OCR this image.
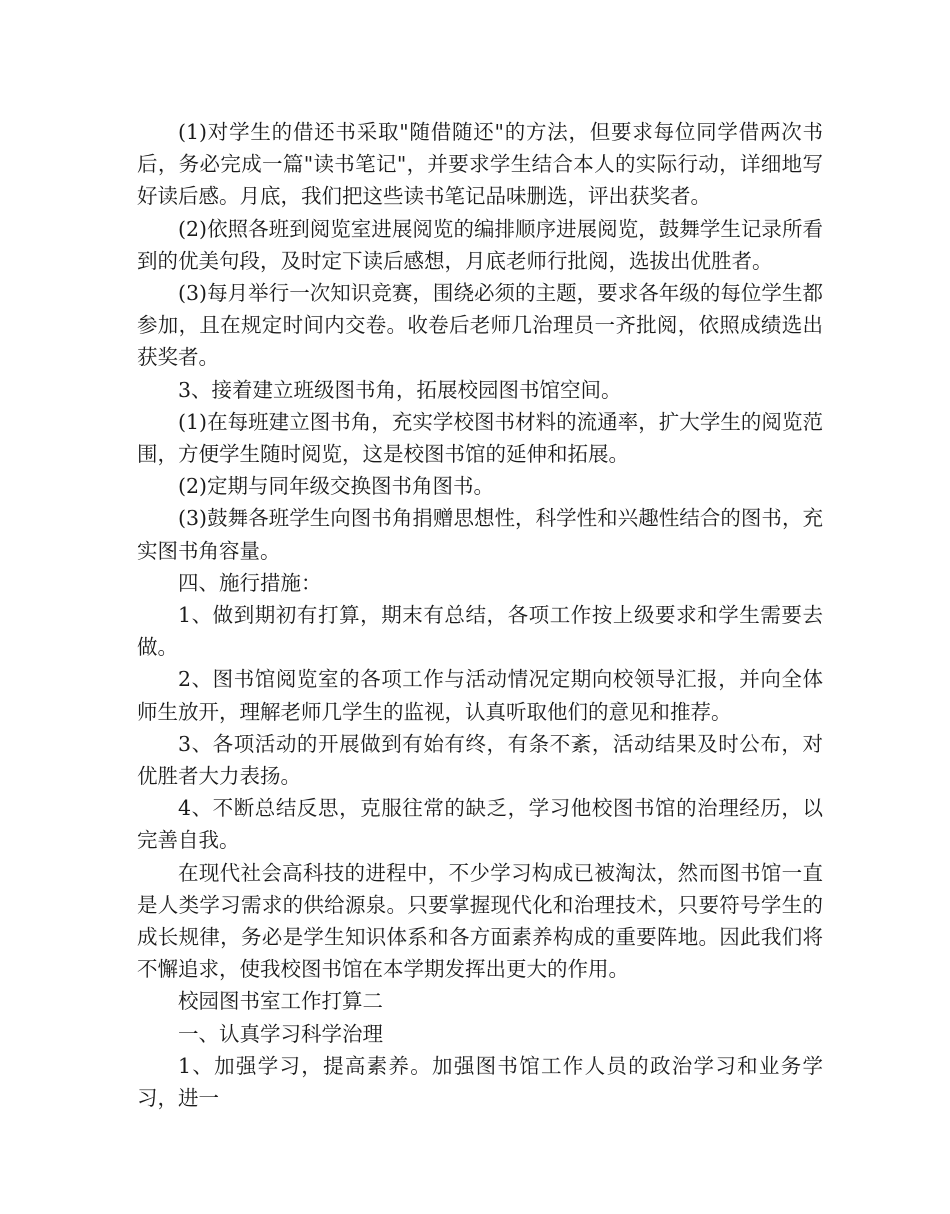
(1)对学生的借还书采取"随借随还"的方法，但要求每位同学借两次书后，务必完成一篇"读书笔记"，并要求学生结合本人的实际行动，详细地写好读后感。月底，我们把这些读书笔记品味删选，评出获奖者。

(2)依照各班到阅览室进展阅览的编排顺序进展阅览，鼓舞学生记录所看到的优美句段，及时定下读后感想，月底老师行批阅，选拔出优胜者。

(3)每月举行一次知识竞赛，围绕必须的主题，要求各年级的每位学生都参加，且在规定时间内交卷。收卷后老师几治理员一齐批阅，依照成绩选出获奖者。

3、接着建立班级图书角，拓展校园图书馆空间。

(1)在每班建立图书角，充实学校图书材料的流通率，扩大学生的阅览范围，方便学生随时阅览，这是校图书馆的延伸和拓展。

(2)定期与同年级交换图书角图书。

(3)鼓舞各班学生向图书角捐赠思想性，科学性和兴趣性结合的图书，充实图书角容量。

四、施行措施：

1、做到期初有打算，期末有总结，各项工作按上级要求和学生需要去做。

2、图书馆阅览室的各项工作与活动情况定期向校领导汇报，并向全体师生放开，理解老师几学生的监视，认真听取他们的意见和推荐。

3、各项活动的开展做到有始有终，有条不紊，活动结果及时公布，对优胜者大力表扬。

4、不断总结反思，克服往常的缺乏，学习他校图书馆的治理经历，以完善自我。

在现代社会高科技的进程中，不少学习构成已被淘汰，然而图书馆一直是人类学习需求的供给源泉。只要掌握现代化和治理技术，只要符号学生的成长规律，务必是学生知识体系和各方面素养构成的重要阵地。因此我们将不懈追求，使我校图书馆在本学期发挥出更大的作用。

校园图书室工作打算二

一、认真学习科学治理

1、加强学习，提高素养。加强图书馆工作人员的政治学习和业务学习，进一
